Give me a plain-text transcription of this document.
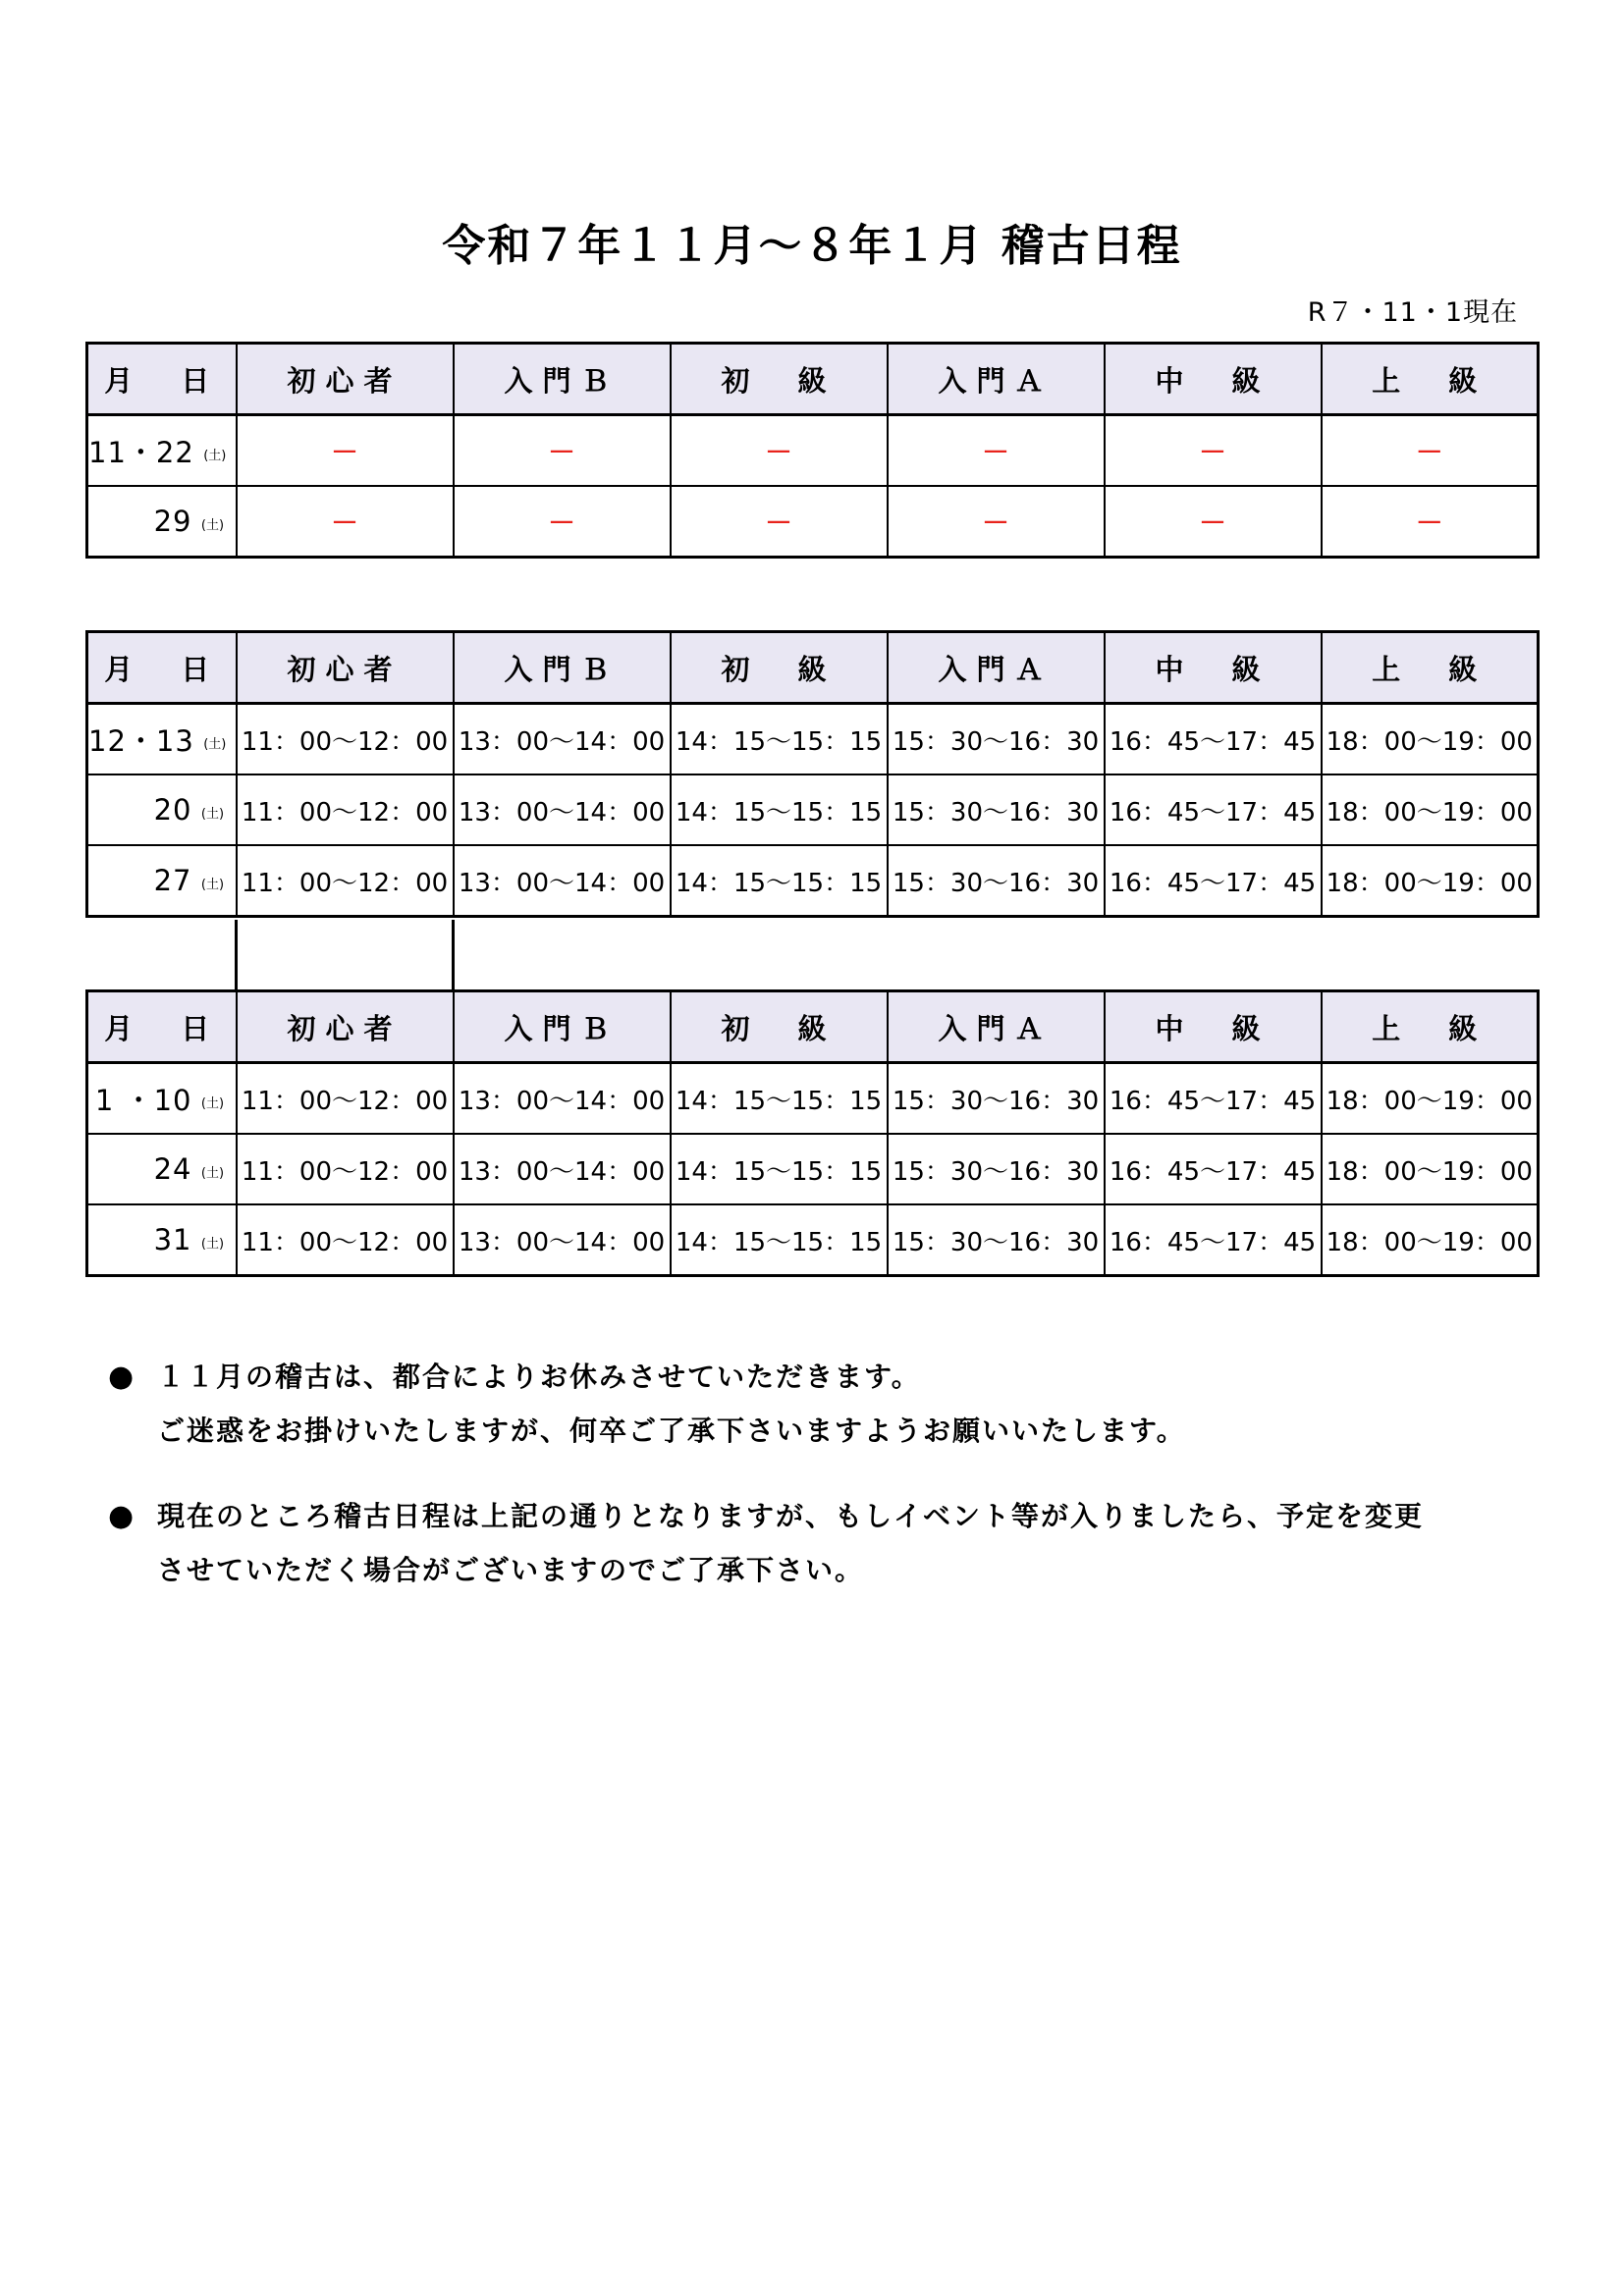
令和７年１１月～８年１月 稽古日程
R７・11・1現在
月　日	初心者	入門Ｂ	初　級	入門Ａ	中　級	上　級
11・22 (土)	－	－	－	－	－	－
29 (土)	－	－	－	－	－	－
月　日	初心者	入門Ｂ	初　級	入門Ａ	中　級	上　級
12・13 (土)	11：00～12：00	13：00～14：00	14：15～15：15	15：30～16：30	16：45～17：45	18：00～19：00
20 (土)	11：00～12：00	13：00～14：00	14：15～15：15	15：30～16：30	16：45～17：45	18：00～19：00
27 (土)	11：00～12：00	13：00～14：00	14：15～15：15	15：30～16：30	16：45～17：45	18：00～19：00
月　日	初心者	入門Ｂ	初　級	入門Ａ	中　級	上　級
1 ・10 (土)	11：00～12：00	13：00～14：00	14：15～15：15	15：30～16：30	16：45～17：45	18：00～19：00
24 (土)	11：00～12：00	13：00～14：00	14：15～15：15	15：30～16：30	16：45～17：45	18：00～19：00
31 (土)	11：00～12：00	13：00～14：00	14：15～15：15	15：30～16：30	16：45～17：45	18：00～19：00
● １１月の稽古は、都合によりお休みさせていただきます。
ご迷惑をお掛けいたしますが、何卒ご了承下さいますようお願いいたします。
● 現在のところ稽古日程は上記の通りとなりますが、もしイベント等が入りましたら、予定を変更
させていただく場合がございますのでご了承下さい。
